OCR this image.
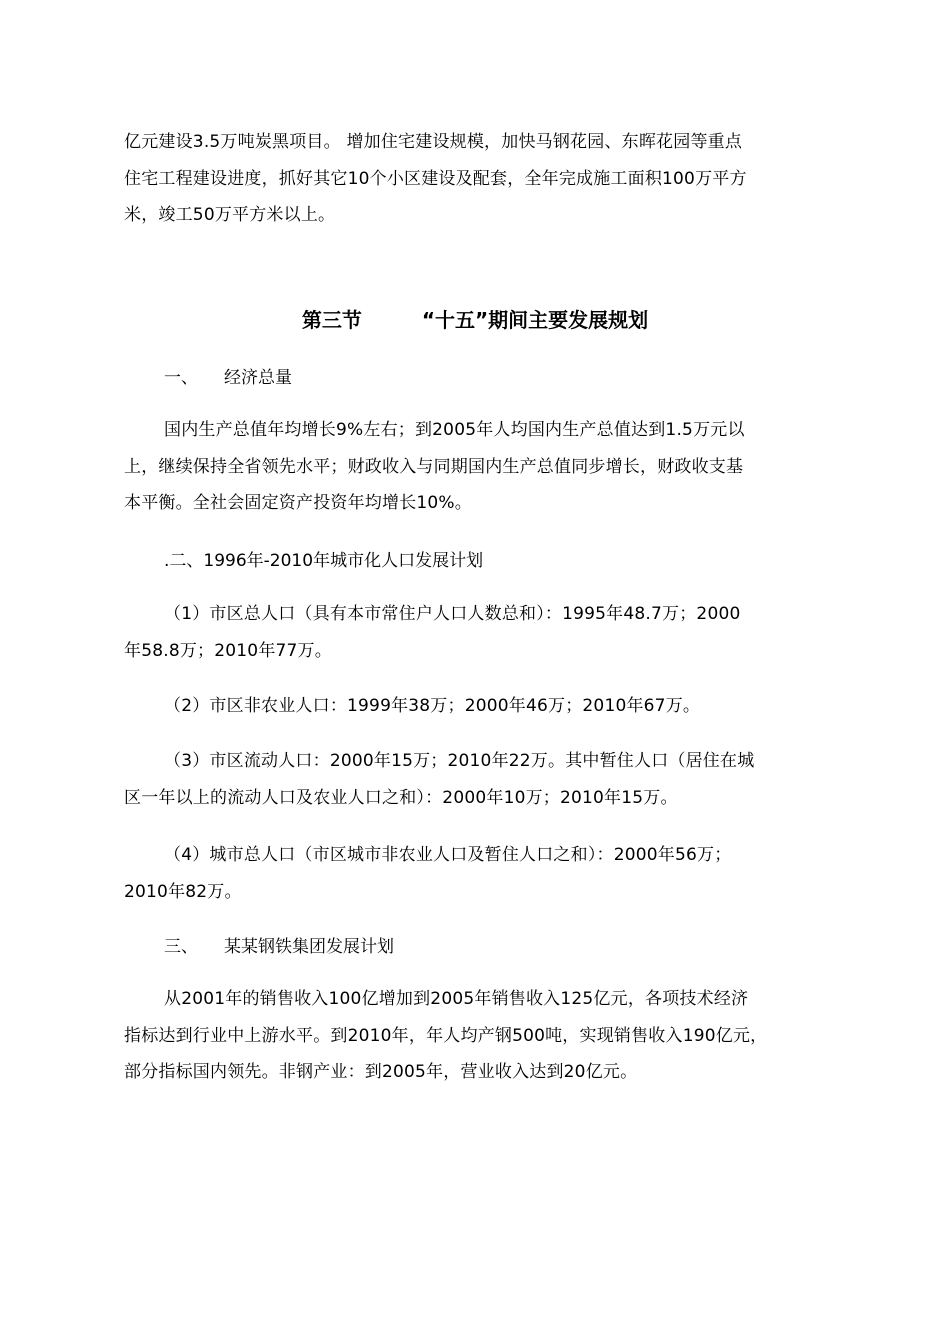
亿元建设3.5万吨炭黑项目。 增加住宅建设规模，加快马钢花园、东晖花园等重点
住宅工程建设进度，抓好其它10个小区建设及配套，全年完成施工面积100万平方
米，竣工50万平方米以上。
第三节	“十五”期间主要发展规划
一、 经济总量
国内生产总值年均增长9%左右；到2005年人均国内生产总值达到1.5万元以
上，继续保持全省领先水平；财政收入与同期国内生产总值同步增长，财政收支基
本平衡。全社会固定资产投资年均增长10%。
.二、1996年-2010年城市化人口发展计划
（1）市区总人口（具有本市常住户人口人数总和）：1995年48.7万；2000
年58.8万；2010年77万。
（2）市区非农业人口：1999年38万；2000年46万；2010年67万。
（3）市区流动人口：2000年15万；2010年22万。其中暂住人口（居住在城
区一年以上的流动人口及农业人口之和）：2000年10万；2010年15万。
（4）城市总人口（市区城市非农业人口及暂住人口之和）：2000年56万；
2010年82万。
三、 某某钢铁集团发展计划
从2001年的销售收入100亿增加到2005年销售收入125亿元，各项技术经济
指标达到行业中上游水平。到2010年，年人均产钢500吨，实现销售收入190亿元，
部分指标国内领先。非钢产业：到2005年，营业收入达到20亿元。
